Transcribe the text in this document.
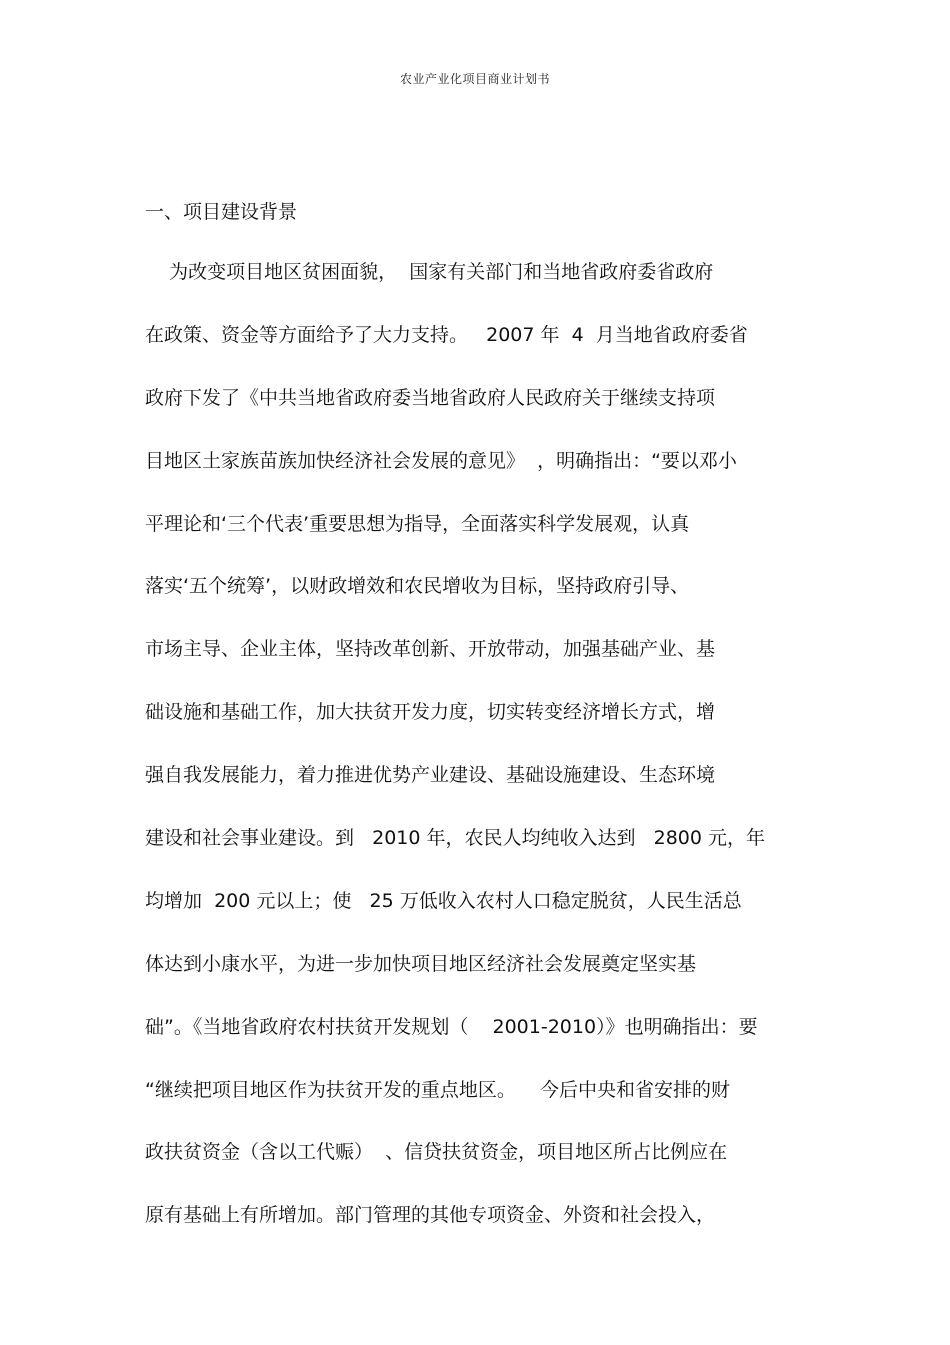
农业产业化项目商业计划书
一、项目建设背景
为改变项目地区贫困面貌，  国家有关部门和当地省政府委省政府
在政策、资金等方面给予了大力支持。   2007 年  4  月当地省政府委省
政府下发了《中共当地省政府委当地省政府人民政府关于继续支持项
目地区土家族苗族加快经济社会发展的意见》  ，明确指出：“要以邓小
平理论和‘三个代表’重要思想为指导，全面落实科学发展观，认真
落实‘五个统筹’，以财政增效和农民增收为目标，坚持政府引导、
市场主导、企业主体，坚持改革创新、开放带动，加强基础产业、基
础设施和基础工作，加大扶贫开发力度，切实转变经济增长方式，增
强自我发展能力，着力推进优势产业建设、基础设施建设、生态环境
建设和社会事业建设。到   2010 年，农民人均纯收入达到   2800 元，年
均增加  200 元以上；使   25 万低收入农村人口稳定脱贫，人民生活总
体达到小康水平，为进一步加快项目地区经济社会发展奠定坚实基
础”。《当地省政府农村扶贫开发规划（    2001-2010）》也明确指出：要
“继续把项目地区作为扶贫开发的重点地区。    今后中央和省安排的财
政扶贫资金（含以工代赈）  、信贷扶贫资金，项目地区所占比例应在
原有基础上有所增加。部门管理的其他专项资金、外资和社会投入，
